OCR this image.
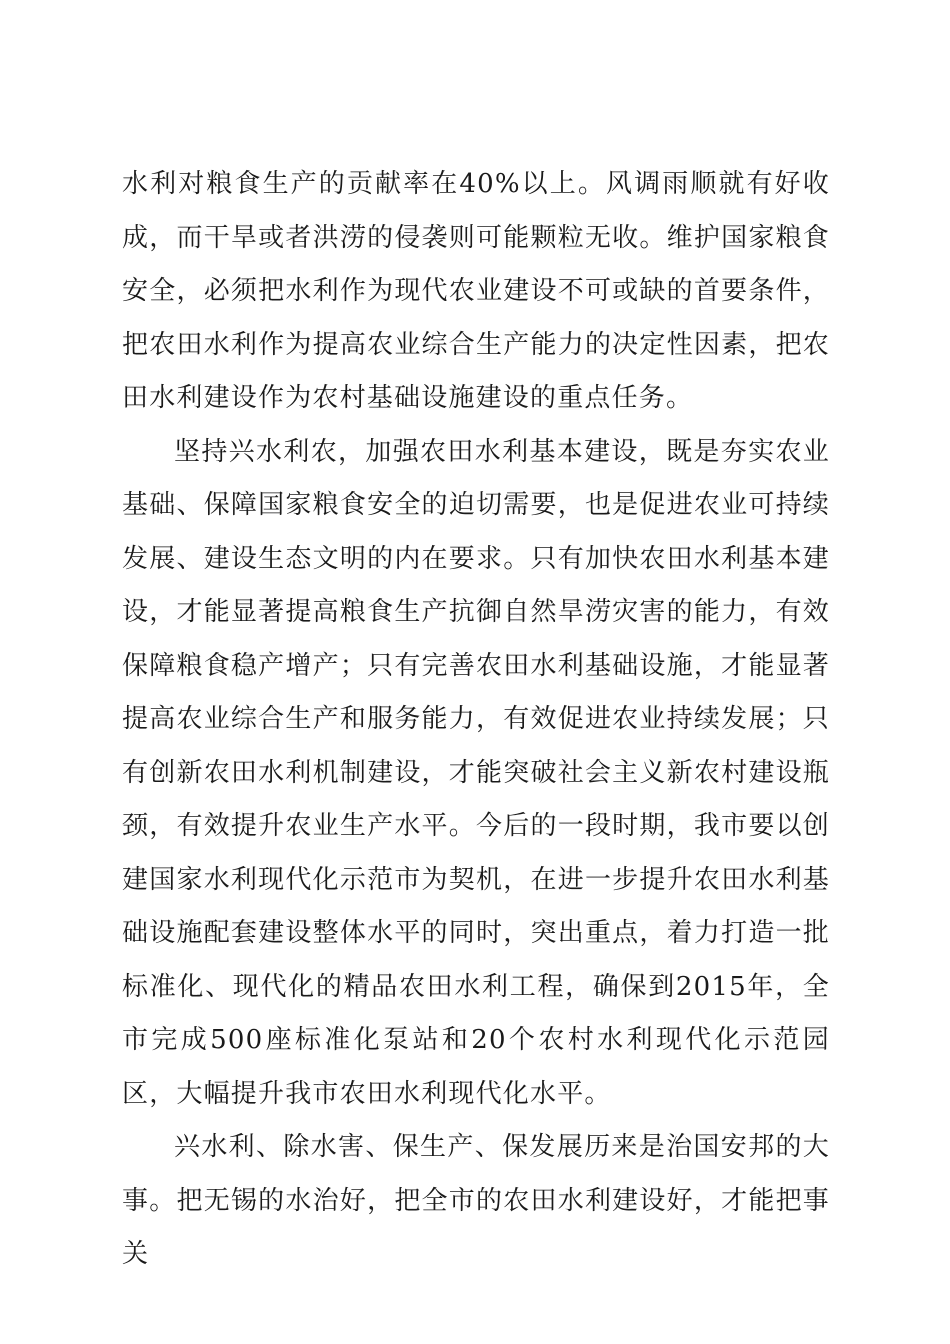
水利对粮食生产的贡献率在40%以上。风调雨顺就有好收成，而干旱或者洪涝的侵袭则可能颗粒无收。维护国家粮食安全，必须把水利作为现代农业建设不可或缺的首要条件，把农田水利作为提高农业综合生产能力的决定性因素，把农田水利建设作为农村基础设施建设的重点任务。

坚持兴水利农，加强农田水利基本建设，既是夯实农业基础、保障国家粮食安全的迫切需要，也是促进农业可持续发展、建设生态文明的内在要求。只有加快农田水利基本建设，才能显著提高粮食生产抗御自然旱涝灾害的能力，有效保障粮食稳产增产；只有完善农田水利基础设施，才能显著提高农业综合生产和服务能力，有效促进农业持续发展；只有创新农田水利机制建设，才能突破社会主义新农村建设瓶颈，有效提升农业生产水平。今后的一段时期，我市要以创建国家水利现代化示范市为契机，在进一步提升农田水利基础设施配套建设整体水平的同时，突出重点，着力打造一批标准化、现代化的精品农田水利工程，确保到2015年，全市完成500座标准化泵站和20个农村水利现代化示范园区，大幅提升我市农田水利现代化水平。

兴水利、除水害、保生产、保发展历来是治国安邦的大事。把无锡的水治好，把全市的农田水利建设好，才能把事关
